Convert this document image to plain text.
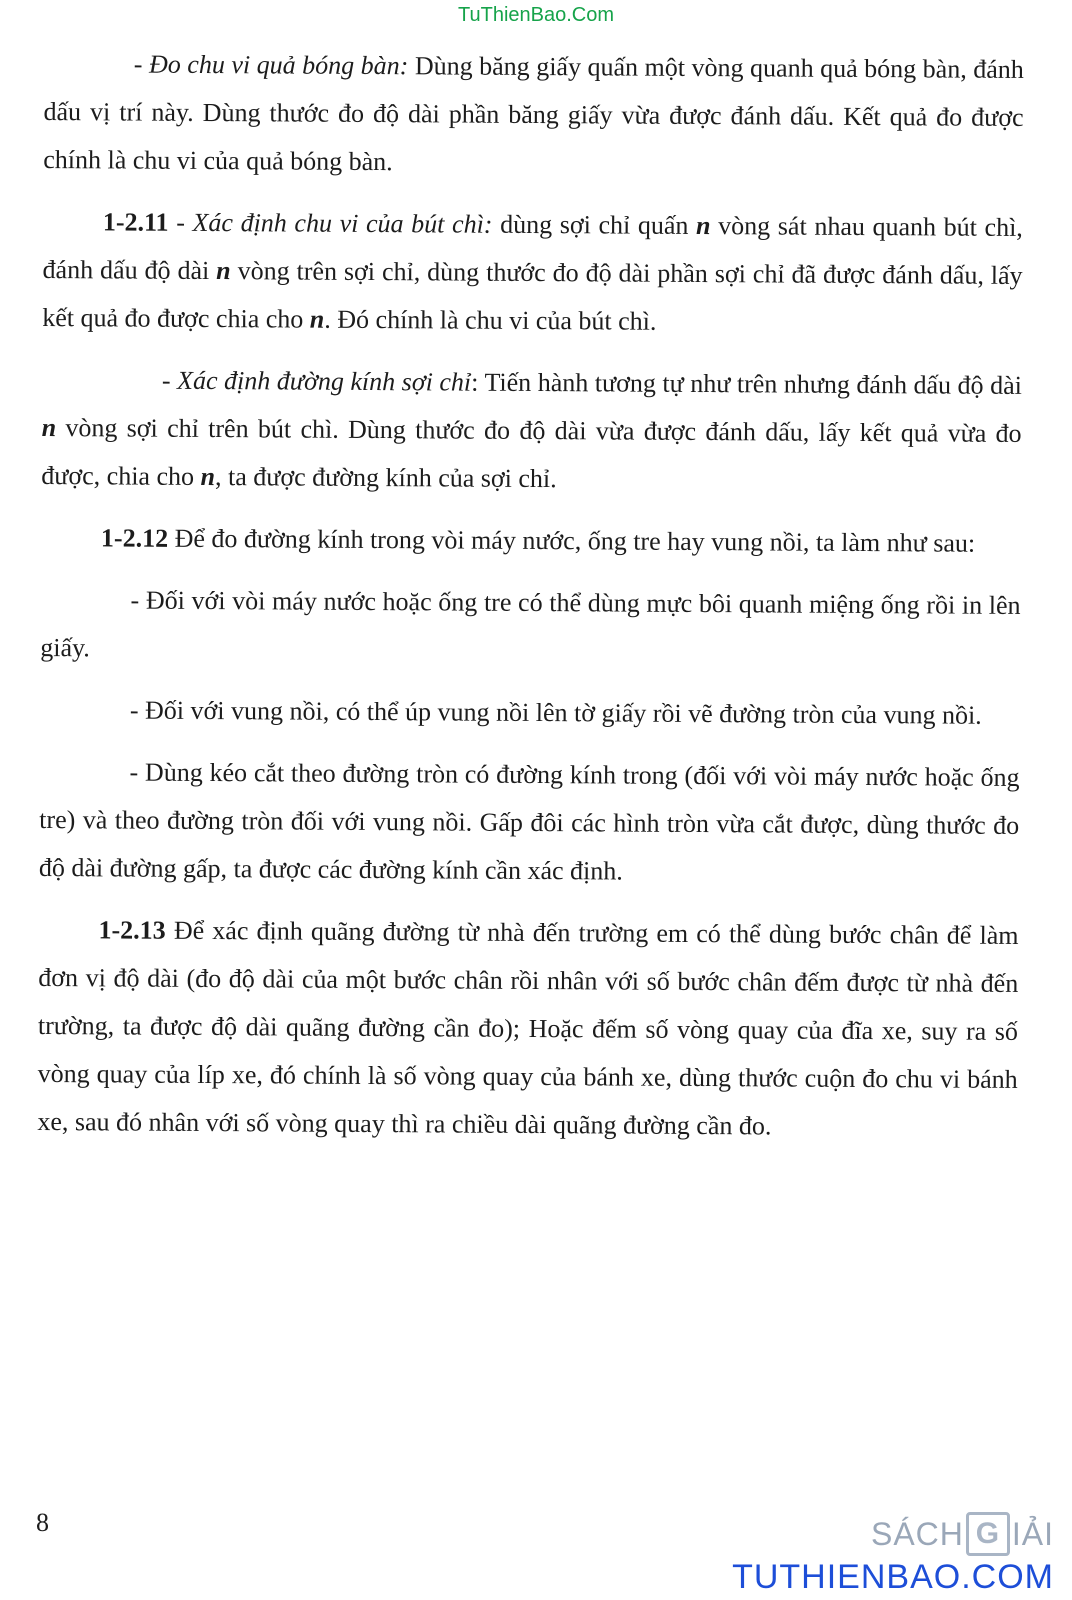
TuThienBao.Com

- Đo chu vi quả bóng bàn: Dùng băng giấy quấn một vòng quanh quả bóng bàn, đánh dấu vị trí này. Dùng thước đo độ dài phần băng giấy vừa được đánh dấu. Kết quả đo được chính là chu vi của quả bóng bàn.

1-2.11 - Xác định chu vi của bút chì: dùng sợi chỉ quấn n vòng sát nhau quanh bút chì, đánh dấu độ dài n vòng trên sợi chỉ, dùng thước đo độ dài phần sợi chỉ đã được đánh dấu, lấy kết quả đo được chia cho n. Đó chính là chu vi của bút chì.

- Xác định đường kính sợi chỉ: Tiến hành tương tự như trên nhưng đánh dấu độ dài n vòng sợi chỉ trên bút chì. Dùng thước đo độ dài vừa được đánh dấu, lấy kết quả vừa đo được, chia cho n, ta được đường kính của sợi chỉ.

1-2.12 Để đo đường kính trong vòi máy nước, ống tre hay vung nồi, ta làm như sau:

- Đối với vòi máy nước hoặc ống tre có thể dùng mực bôi quanh miệng ống rồi in lên giấy.

- Đối với vung nồi, có thể úp vung nồi lên tờ giấy rồi vẽ đường tròn của vung nồi.

- Dùng kéo cắt theo đường tròn có đường kính trong (đối với vòi máy nước hoặc ống tre) và theo đường tròn đối với vung nồi. Gấp đôi các hình tròn vừa cắt được, dùng thước đo độ dài đường gấp, ta được các đường kính cần xác định.

1-2.13 Để xác định quãng đường từ nhà đến trường em có thể dùng bước chân để làm đơn vị độ dài (đo độ dài của một bước chân rồi nhân với số bước chân đếm được từ nhà đến trường, ta được độ dài quãng đường cần đo); Hoặc đếm số vòng quay của đĩa xe, suy ra số vòng quay của líp xe, đó chính là số vòng quay của bánh xe, dùng thước cuộn đo chu vi bánh xe, sau đó nhân với số vòng quay thì ra chiều dài quãng đường cần đo.

8	SÁCH G IẢI
TUTHIENBAO.COM
